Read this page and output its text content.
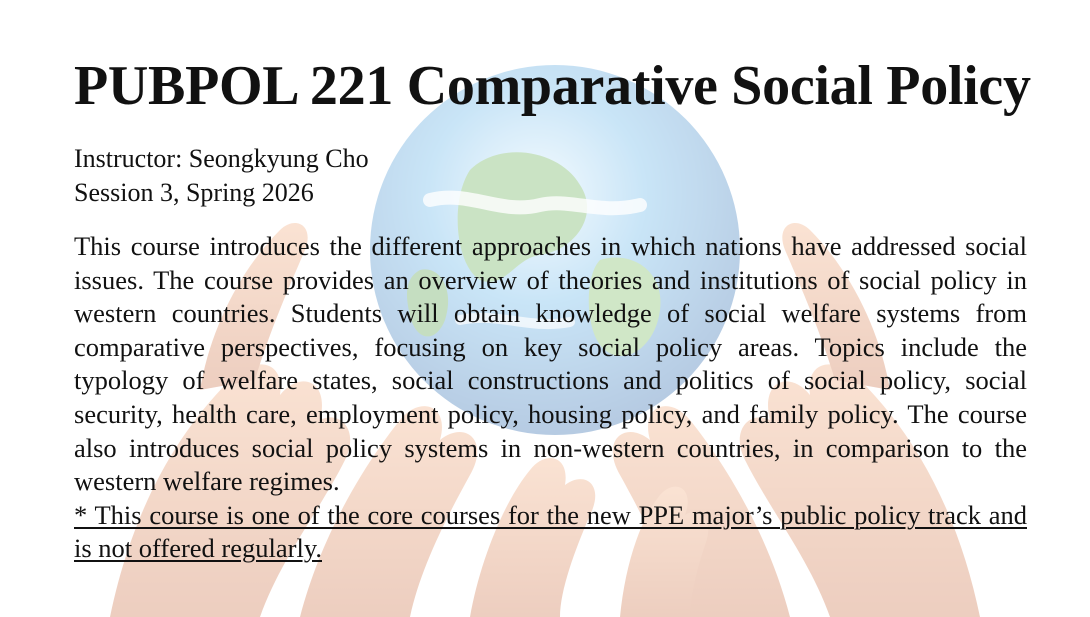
PUBPOL 221 Comparative Social Policy
Instructor: Seongkyung Cho
Session 3, Spring 2026

This course introduces the different approaches in which nations have addressed social issues. The course provides an overview of theories and institutions of social policy in western countries. Students will obtain knowledge of social welfare systems from comparative perspectives, focusing on key social policy areas. Topics include the typology of welfare states, social constructions and politics of social policy, social security, health care, employment policy, housing policy, and family policy. The course also introduces social policy systems in non-western countries, in comparison to the western welfare regimes.

* This course is one of the core courses for the new PPE major’s public policy track and is not offered regularly.
